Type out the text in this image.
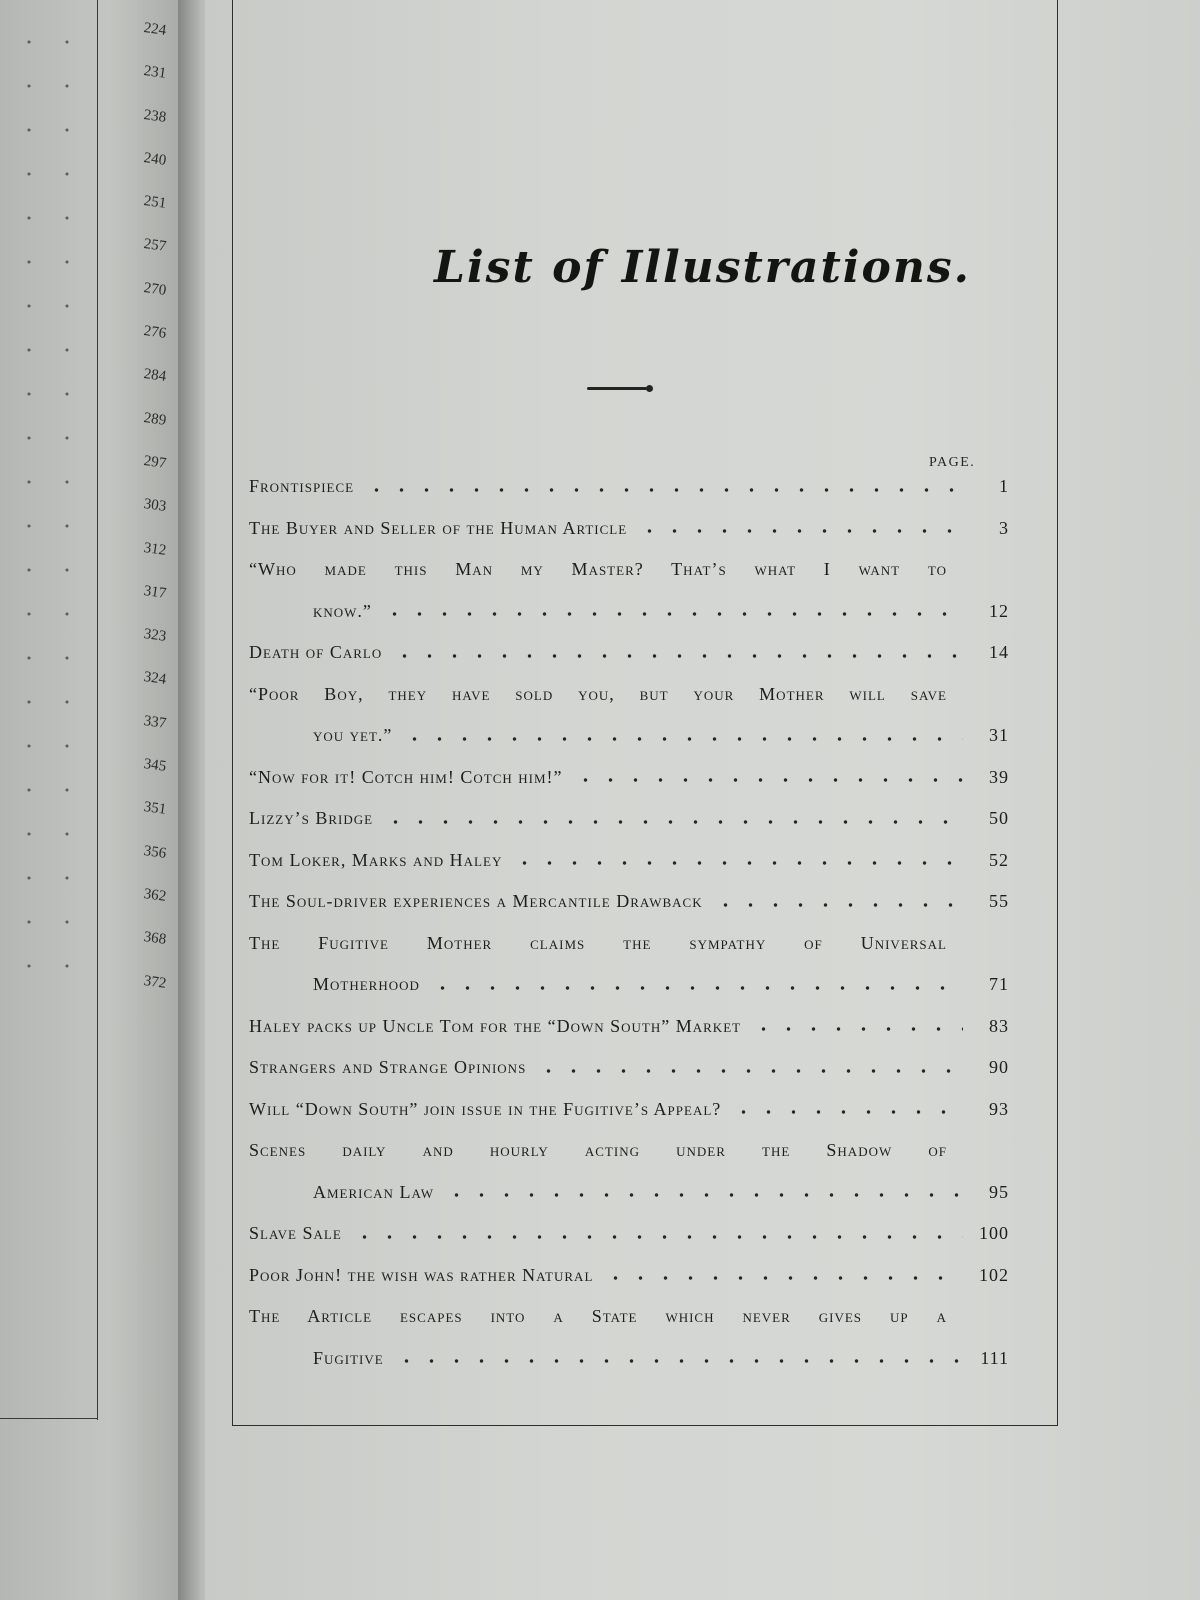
224
231
238
240
251
257
270
276
284
289
297
303
312
317
323
324
337
345
351
356
362
368
372
List of Illustrations.
PAGE.
Frontispiece	1
The Buyer and Seller of the Human Article	3
“Who made this Man my Master? That’s what I want to
know.”	12
Death of Carlo	14
“Poor Boy, they have sold you, but your Mother will save
you yet.”	31
“Now for it! Cotch him! Cotch him!”	39
Lizzy’s Bridge	50
Tom Loker, Marks and Haley	52
The Soul-driver experiences a Mercantile Drawback	55
The Fugitive Mother claims the sympathy of Universal
Motherhood	71
Haley packs up Uncle Tom for the “Down South” Market	83
Strangers and Strange Opinions	90
Will “Down South” join issue in the Fugitive’s Appeal?	93
Scenes daily and hourly acting under the Shadow of
American Law	95
Slave Sale	100
Poor John! the wish was rather Natural	102
The Article escapes into a State which never gives up a
Fugitive	111
